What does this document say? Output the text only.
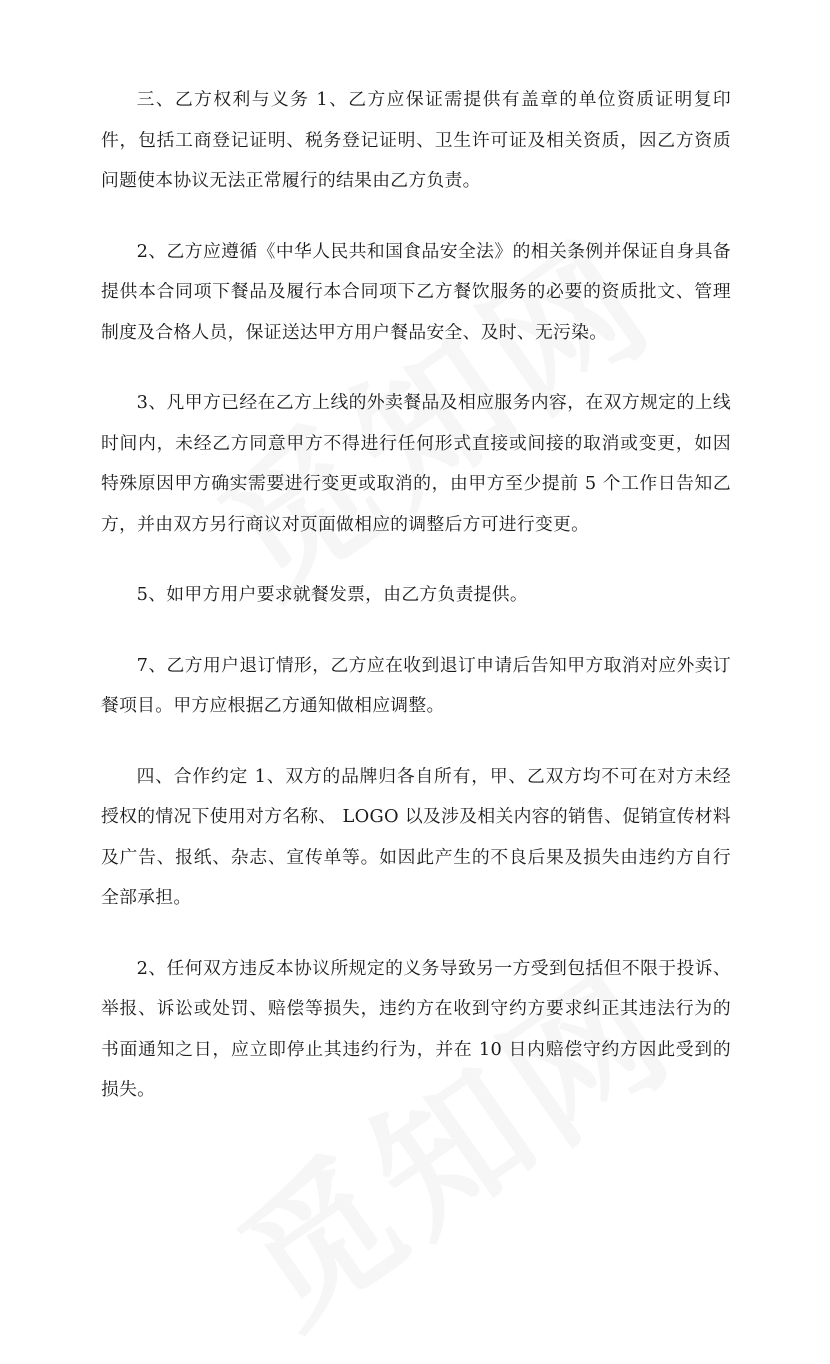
三、乙方权利与义务 1、乙方应保证需提供有盖章的单位资质证明复印件，包括工商登记证明、税务登记证明、卫生许可证及相关资质，因乙方资质问题使本协议无法正常履行的结果由乙方负责。

2、乙方应遵循《中华人民共和国食品安全法》的相关条例并保证自身具备提供本合同项下餐品及履行本合同项下乙方餐饮服务的必要的资质批文、管理制度及合格人员，保证送达甲方用户餐品安全、及时、无污染。

3、凡甲方已经在乙方上线的外卖餐品及相应服务内容，在双方规定的上线时间内，未经乙方同意甲方不得进行任何形式直接或间接的取消或变更，如因特殊原因甲方确实需要进行变更或取消的，由甲方至少提前 5 个工作日告知乙方，并由双方另行商议对页面做相应的调整后方可进行变更。

5、如甲方用户要求就餐发票，由乙方负责提供。

7、乙方用户退订情形，乙方应在收到退订申请后告知甲方取消对应外卖订餐项目。甲方应根据乙方通知做相应调整。

四、合作约定 1、双方的品牌归各自所有，甲、乙双方均不可在对方未经授权的情况下使用对方名称、 LOGO 以及涉及相关内容的销售、促销宣传材料及广告、报纸、杂志、宣传单等。如因此产生的不良后果及损失由违约方自行全部承担。

2、任何双方违反本协议所规定的义务导致另一方受到包括但不限于投诉、举报、诉讼或处罚、赔偿等损失，违约方在收到守约方要求纠正其违法行为的书面通知之日，应立即停止其违约行为，并在 10 日内赔偿守约方因此受到的损失。
